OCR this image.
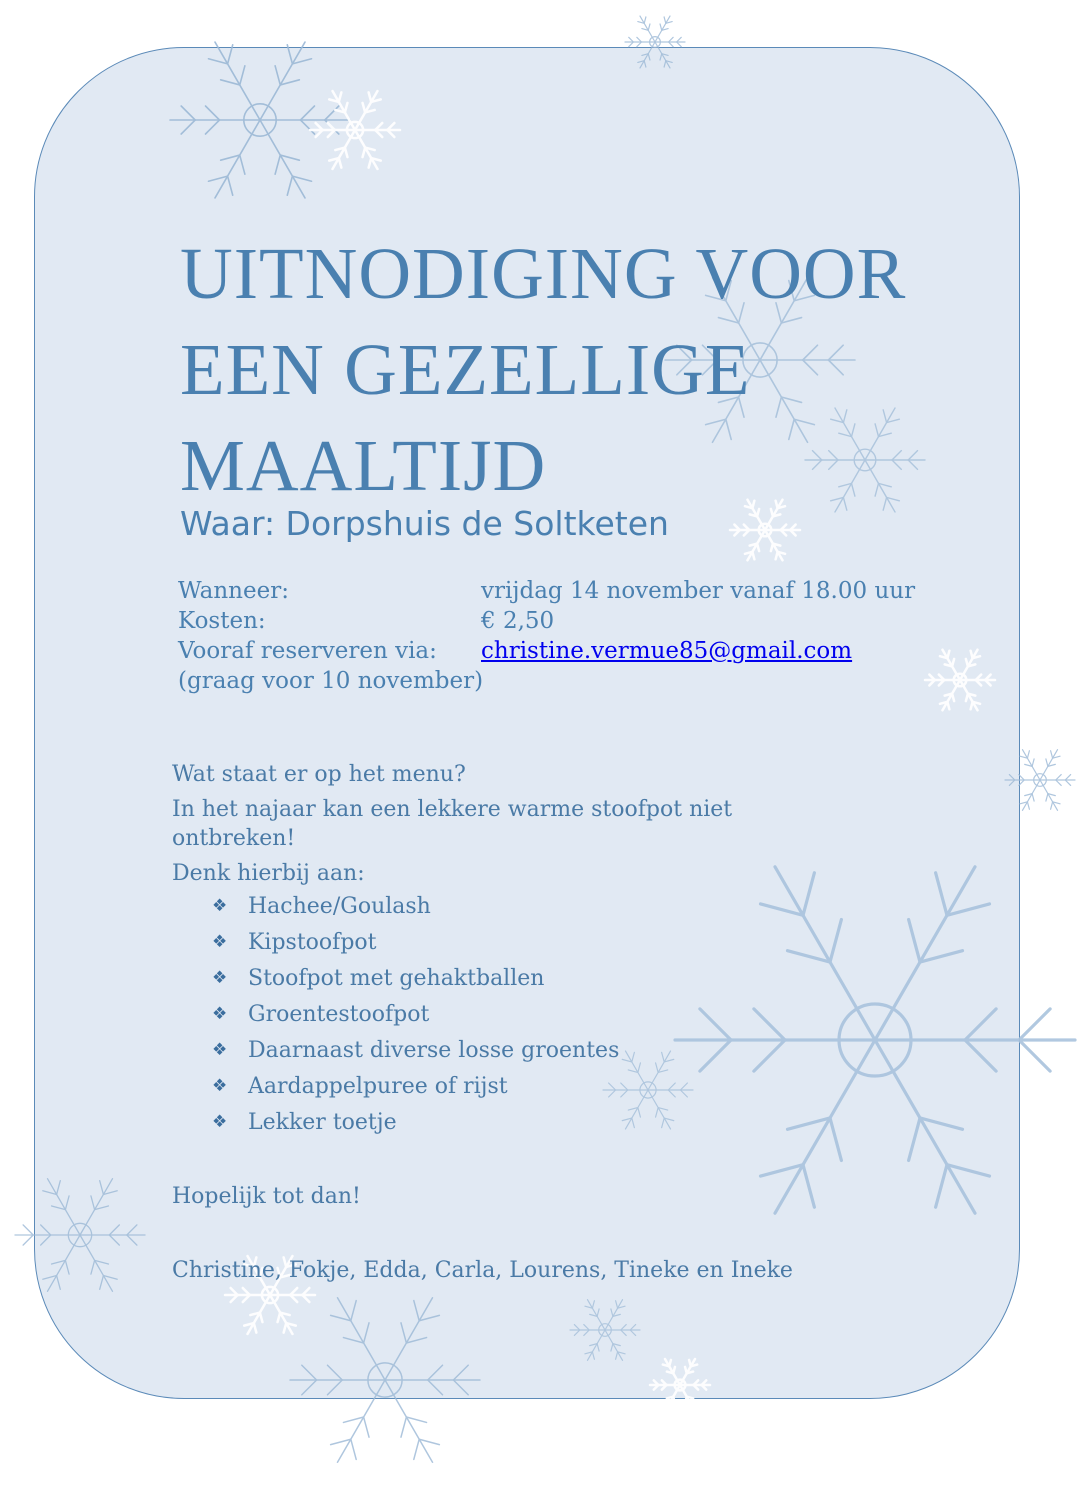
UITNODIGING VOOR
EEN GEZELLIGE
MAALTIJD
Waar: Dorpshuis de Soltketen
Wanneer:	vrijdag 14 november vanaf 18.00 uur
Kosten:	€ 2,50
Vooraf reserveren via:	christine.vermue85@gmail.com
(graag voor 10 november)

Wat staat er op het menu?

In het najaar kan een lekkere warme stoofpot niet

ontbreken!

Denk hierbij aan:

❖ Hachee/Goulash
❖ Kipstoofpot
❖ Stoofpot met gehaktballen
❖ Groentestoofpot
❖ Daarnaast diverse losse groentes
❖ Aardappelpuree of rijst
❖ Lekker toetje

Hopelijk tot dan!

Christine, Fokje, Edda, Carla, Lourens, Tineke en Ineke
